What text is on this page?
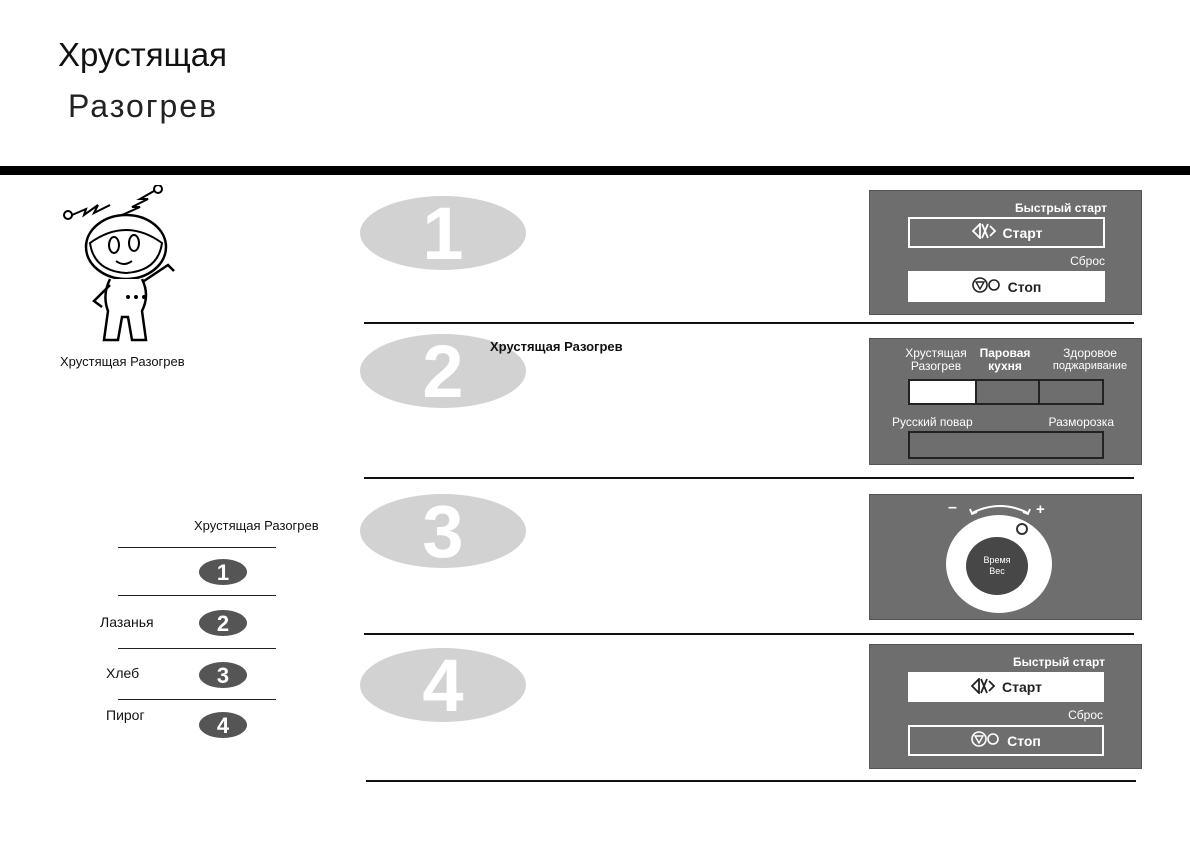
Хрустящая
Разогрев
Хрустящая Разогрев
Хрустящая Разогрев
Лазанья
Хлеб
Пирог
1
2
3
4
1
2
3
4
Хрустящая Разогрев
Быстрый старт
Старт
Сброс
Стоп
Хрустящая
Разогрев
Паровая
кухня
Здоровое
поджаривание
Русский повар	Разморозка
–	+
Время
Вес
Быстрый старт
Старт
Сброс
Стоп
